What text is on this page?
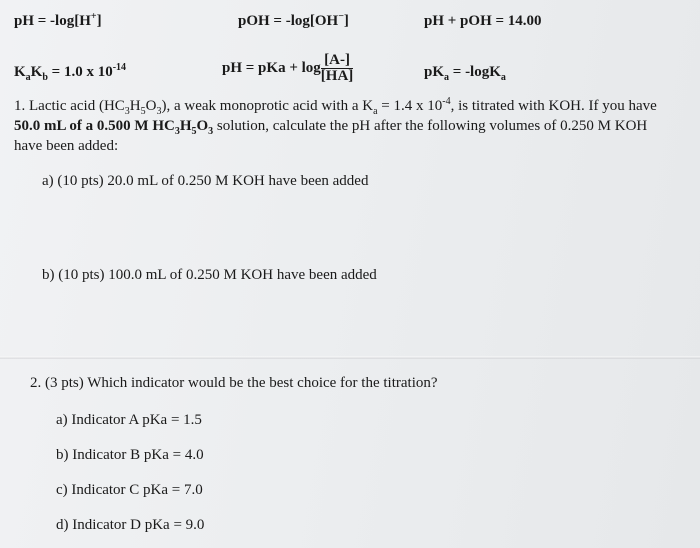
pH = -log[H+]	pOH = -log[OH−]	pH + pOH = 14.00
$K_aK_b = 1.0$ x $10^{-14}$	pH = pKa + $\log \frac{[A-]}{[HA]}$	$pK_a = -\log K_a$
1. Lactic acid $(HC_3H_5O_3)$, a weak monoprotic acid with a $K_a = 1.4$ x $10^{-4}$, is titrated with KOH. If you have 50.0 mL of a 0.500 M $HC_3H_5O_3$ solution, calculate the pH after the following volumes of 0.250 M KOH have been added:
a) (10 pts) 20.0 mL of 0.250 M KOH have been added
b) (10 pts) 100.0 mL of 0.250 M KOH have been added
2. (3 pts) Which indicator would be the best choice for the titration?
a) Indicator A pKa = 1.5
b) Indicator B pKa = 4.0
c) Indicator C pKa = 7.0
d) Indicator D pKa = 9.0
